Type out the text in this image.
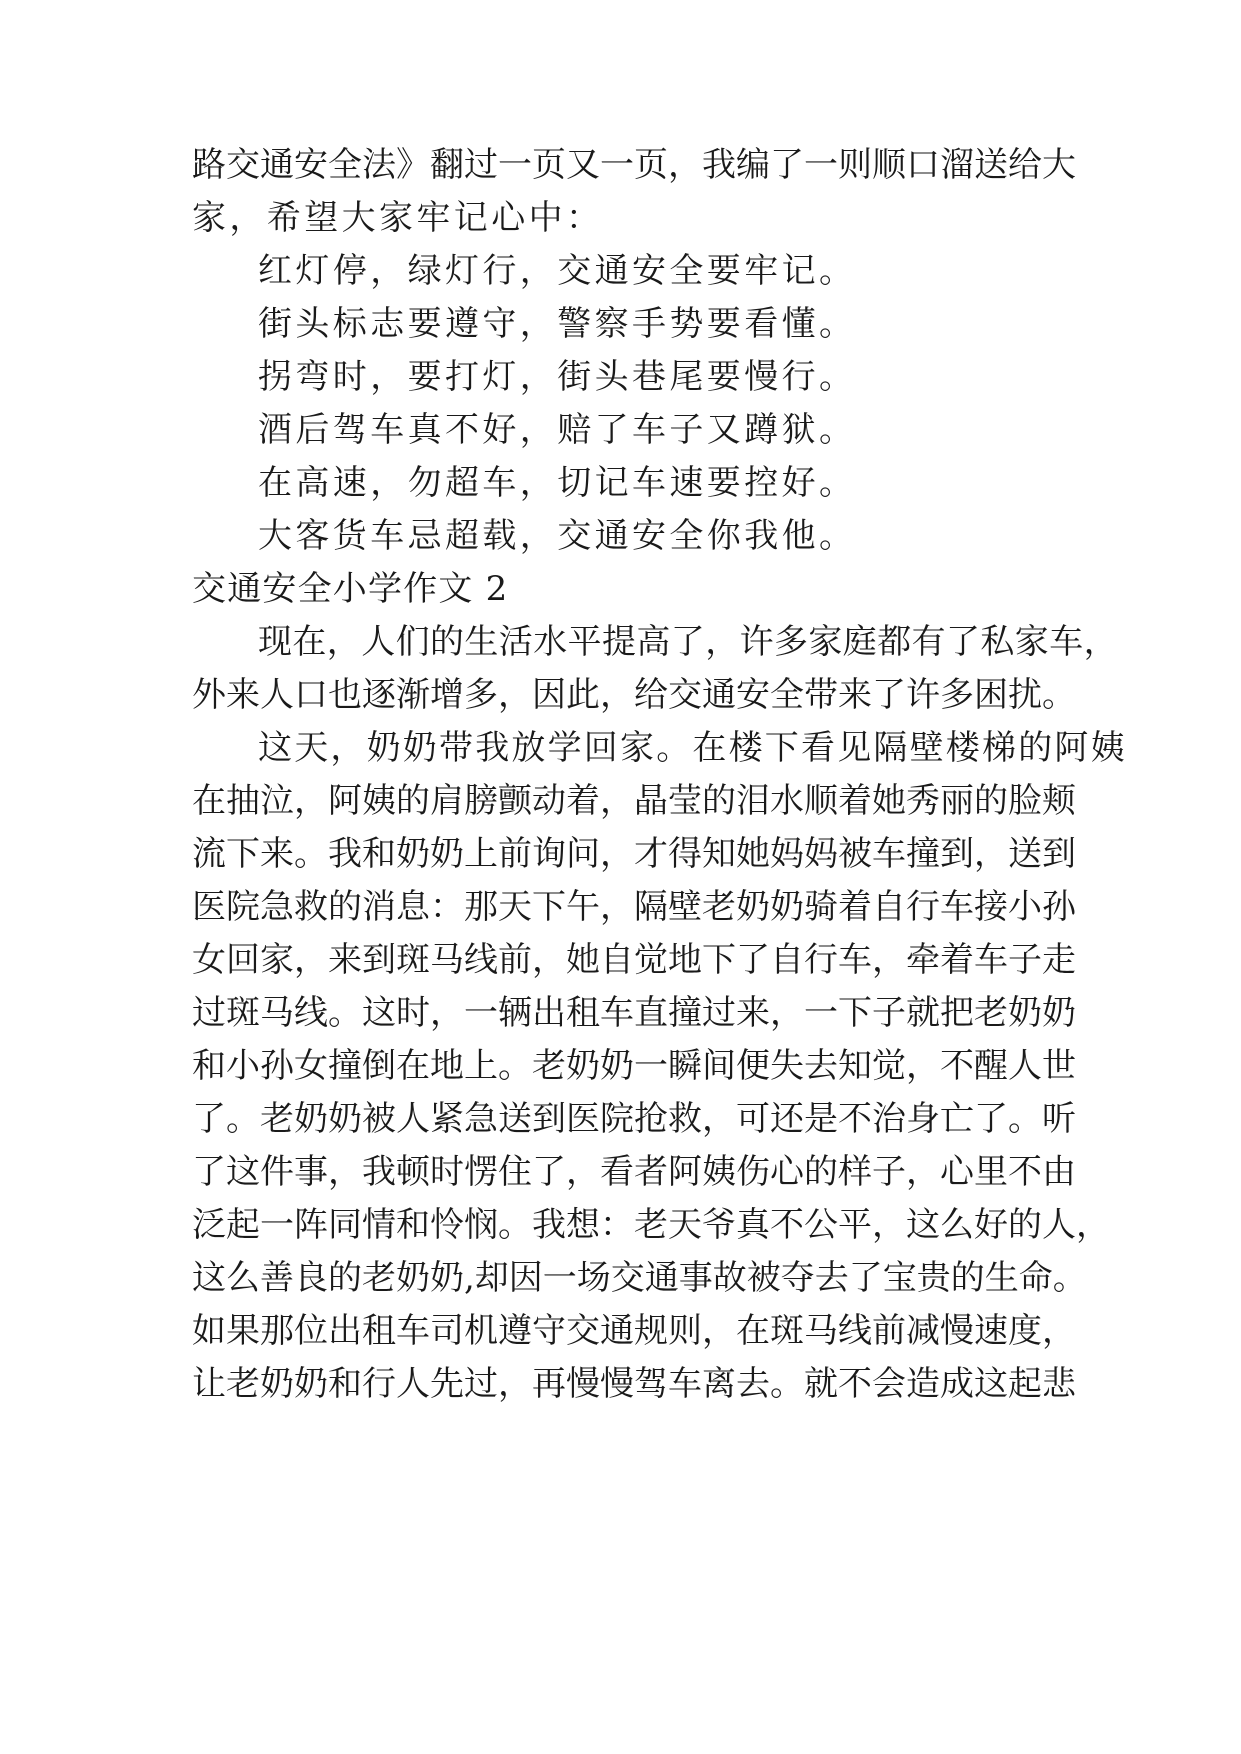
路交通安全法》翻过一页又一页，我编了一则顺口溜送给大
家，希望大家牢记心中：
红灯停，绿灯行，交通安全要牢记。
街头标志要遵守，警察手势要看懂。
拐弯时，要打灯，街头巷尾要慢行。
酒后驾车真不好，赔了车子又蹲狱。
在高速，勿超车，切记车速要控好。
大客货车忌超载，交通安全你我他。
交通安全小学作文 2
现在，人们的生活水平提高了，许多家庭都有了私家车，
外来人口也逐渐增多，因此，给交通安全带来了许多困扰。
这天，奶奶带我放学回家。在楼下看见隔壁楼梯的阿姨
在抽泣，阿姨的肩膀颤动着，晶莹的泪水顺着她秀丽的脸颊
流下来。我和奶奶上前询问，才得知她妈妈被车撞到，送到
医院急救的消息：那天下午，隔壁老奶奶骑着自行车接小孙
女回家，来到斑马线前，她自觉地下了自行车，牵着车子走
过斑马线。这时，一辆出租车直撞过来，一下子就把老奶奶
和小孙女撞倒在地上。老奶奶一瞬间便失去知觉，不醒人世
了。老奶奶被人紧急送到医院抢救，可还是不治身亡了。听
了这件事，我顿时愣住了，看者阿姨伤心的样子，心里不由
泛起一阵同情和怜悯。我想：老天爷真不公平，这么好的人，
这么善良的老奶奶,却因一场交通事故被夺去了宝贵的生命。
如果那位出租车司机遵守交通规则，在斑马线前减慢速度，
让老奶奶和行人先过，再慢慢驾车离去。就不会造成这起悲
